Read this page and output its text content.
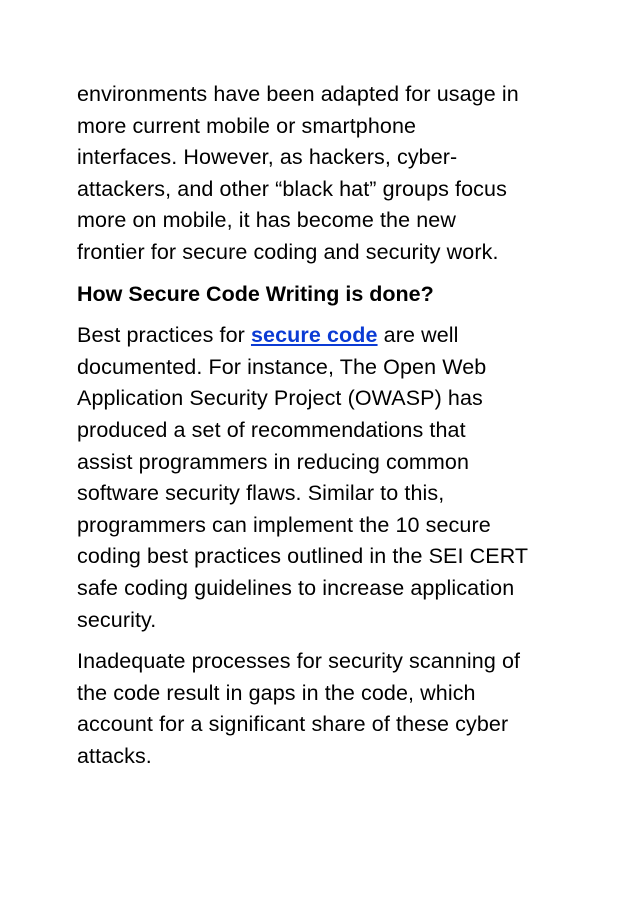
environments have been adapted for usage in
more current mobile or smartphone
interfaces. However, as hackers, cyber-
attackers, and other “black hat” groups focus
more on mobile, it has become the new
frontier for secure coding and security work.

How Secure Code Writing is done?

Best practices for secure code are well
documented. For instance, The Open Web
Application Security Project (OWASP) has
produced a set of recommendations that
assist programmers in reducing common
software security flaws. Similar to this,
programmers can implement the 10 secure
coding best practices outlined in the SEI CERT
safe coding guidelines to increase application
security.

Inadequate processes for security scanning of
the code result in gaps in the code, which
account for a significant share of these cyber
attacks.
